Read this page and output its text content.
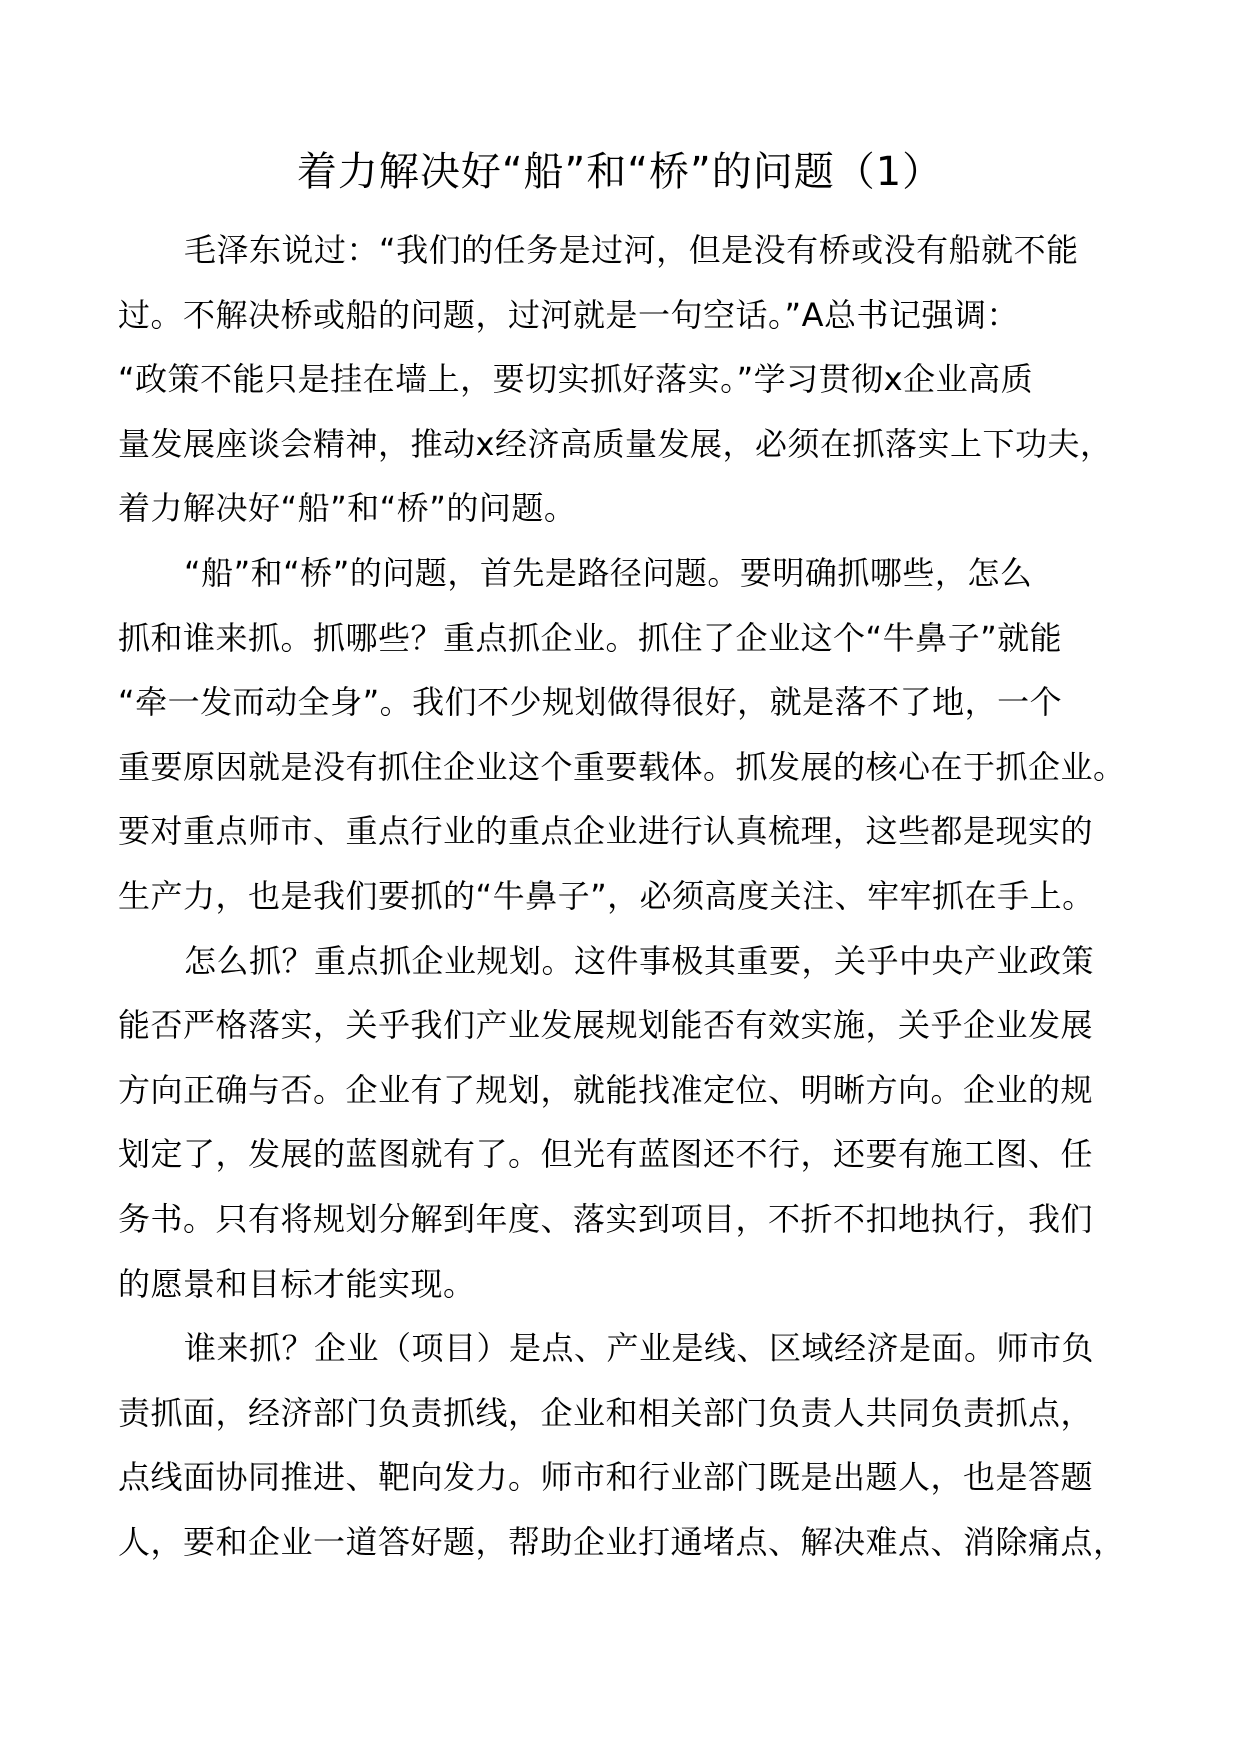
着力解决好“船”和“桥”的问题（1）
毛泽东说过：“我们的任务是过河，但是没有桥或没有船就不能
过。不解决桥或船的问题，过河就是一句空话。”A总书记强调：
“政策不能只是挂在墙上，要切实抓好落实。”学习贯彻x企业高质
量发展座谈会精神，推动x经济高质量发展，必须在抓落实上下功夫，
着力解决好“船”和“桥”的问题。
“船”和“桥”的问题，首先是路径问题。要明确抓哪些，怎么
抓和谁来抓。抓哪些？重点抓企业。抓住了企业这个“牛鼻子”就能
“牵一发而动全身”。我们不少规划做得很好，就是落不了地，一个
重要原因就是没有抓住企业这个重要载体。抓发展的核心在于抓企业。
要对重点师市、重点行业的重点企业进行认真梳理，这些都是现实的
生产力，也是我们要抓的“牛鼻子”，必须高度关注、牢牢抓在手上。
怎么抓？重点抓企业规划。这件事极其重要，关乎中央产业政策
能否严格落实，关乎我们产业发展规划能否有效实施，关乎企业发展
方向正确与否。企业有了规划，就能找准定位、明晰方向。企业的规
划定了，发展的蓝图就有了。但光有蓝图还不行，还要有施工图、任
务书。只有将规划分解到年度、落实到项目，不折不扣地执行，我们
的愿景和目标才能实现。
谁来抓？企业（项目）是点、产业是线、区域经济是面。师市负
责抓面，经济部门负责抓线，企业和相关部门负责人共同负责抓点，
点线面协同推进、靶向发力。师市和行业部门既是出题人，也是答题
人，要和企业一道答好题，帮助企业打通堵点、解决难点、消除痛点，
